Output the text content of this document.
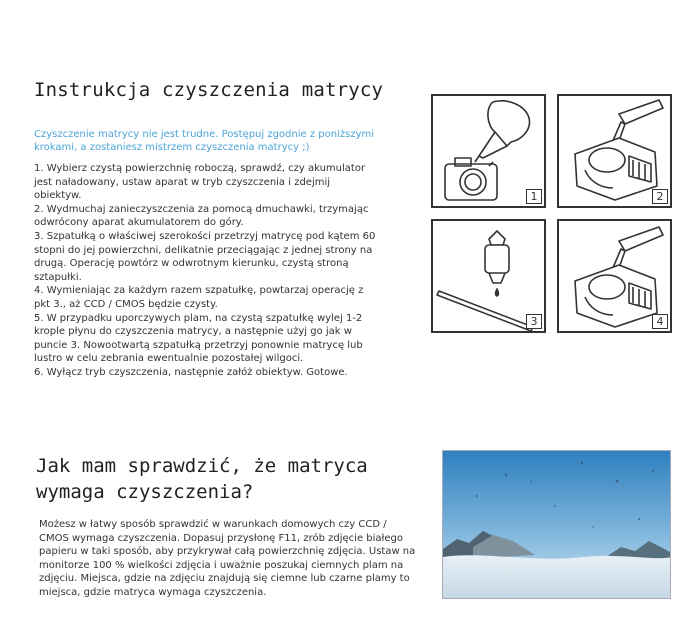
Instrukcja czyszczenia matrycy
Czyszczenie matrycy nie jest trudne. Postępuj zgodnie z poniższymi krokami, a zostaniesz mistrzem czyszczenia matrycy ;)

1. Wybierz czystą powierzchnię roboczą, sprawdź, czy akumulator jest naładowany, ustaw aparat w tryb czyszczenia i zdejmij obiektyw.

2. Wydmuchaj zanieczyszczenia za pomocą dmuchawki, trzymając odwrócony aparat akumulatorem do góry.

3. Szpatułką o właściwej szerokości przetrzyj matrycę pod kątem 60 stopni do jej powierzchni, delikatnie przeciągając z jednej strony na drugą. Operację powtórz w odwrotnym kierunku, czystą stroną sztapułki.

4. Wymieniając za każdym razem szpatułkę, powtarzaj operację z pkt 3., aż CCD / CMOS będzie czysty.

5. W przypadku uporczywych plam, na czystą szpatułkę wylej 1-2 krople płynu do czyszczenia matrycy, a następnie użyj go jak w puncie 3. Nowootwartą szpatułką przetrzyj ponownie matrycę lub lustro w celu zebrania ewentualnie pozostałej wilgoci.

6. Wyłącz tryb czyszczenia, następnie załóż obiektyw. Gotowe.

1	2
3	4
Jak mam sprawdzić, że matryca wymaga czyszczenia?
Możesz w łatwy sposób sprawdzić w warunkach domowych czy CCD / CMOS wymaga czyszczenia. Dopasuj przysłonę F11, zrób zdjęcie białego papieru w taki sposób, aby przykrywał całą powierzchnię zdjęcia. Ustaw na monitorze 100 % wielkości zdjęcia i uważnie poszukaj ciemnych plam na zdjęciu. Miejsca, gdzie na zdjęciu znajdują się ciemne lub czarne plamy to miejsca, gdzie matryca wymaga czyszczenia.
